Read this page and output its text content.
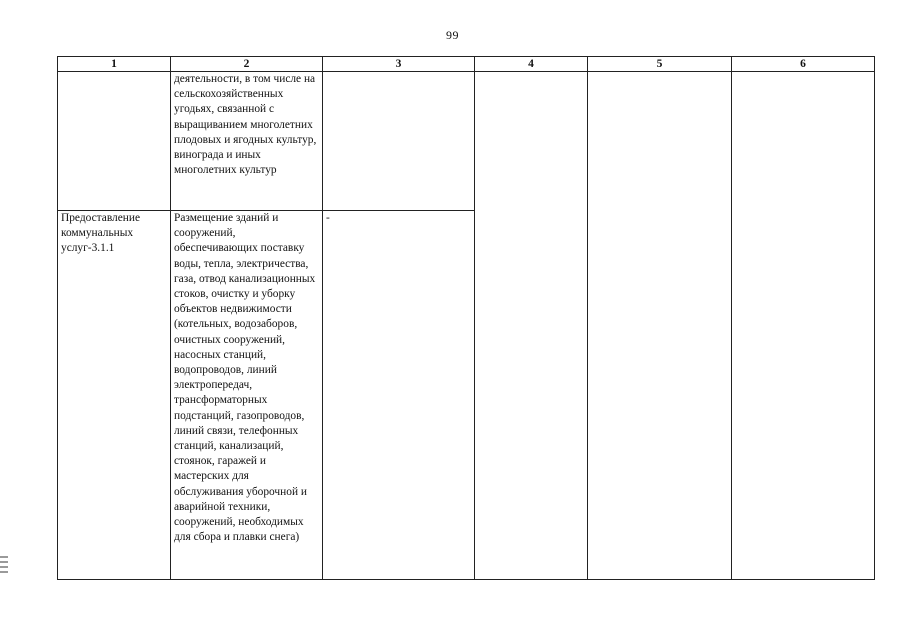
99
1	2	3	4	5	6
	деятельности, в том числе на сельскохозяйственных угодьях, связанной с выращиванием многолетних плодовых и ягодных культур, винограда и иных многолетних культур				
Предоставление коммунальных услуг-3.1.1	Размещение зданий и сооружений, обеспечивающих поставку воды, тепла, электричества, газа, отвод канализационных стоков, очистку и уборку объектов недвижимости (котельных, водозаборов, очистных сооружений, насосных станций, водопроводов, линий электропередач, трансформаторных подстанций, газопроводов, линий связи, телефонных станций, канализаций, стоянок, гаражей и мастерских для обслуживания уборочной и аварийной техники, сооружений, необходимых для сбора и плавки снега)	-			
